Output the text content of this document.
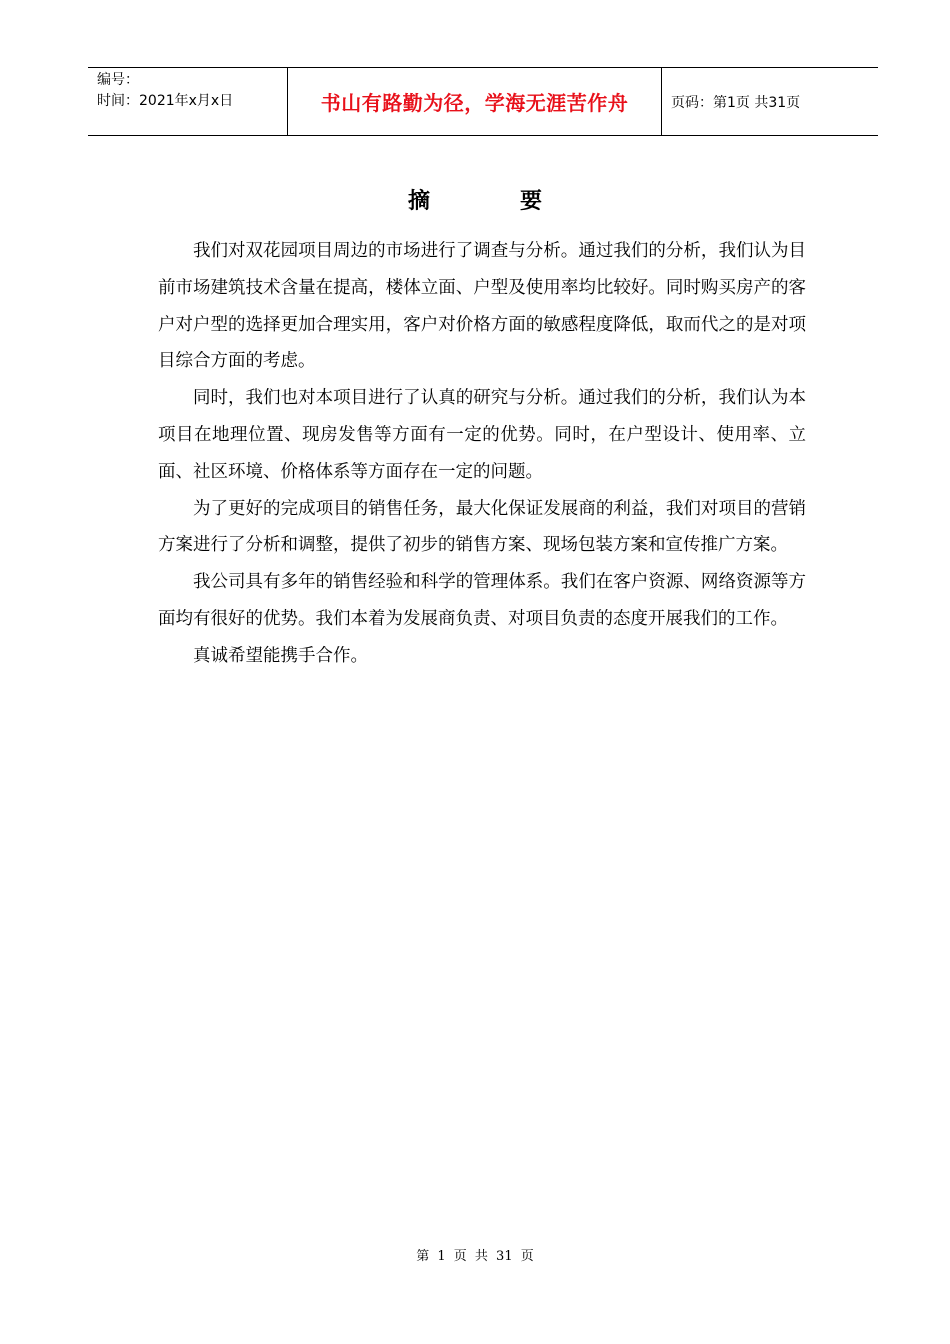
编号：
时间：2021年x月x日	书山有路勤为径，学海无涯苦作舟	页码：第1页 共31页
摘	要

我们对双花园项目周边的市场进行了调查与分析。通过我们的分析，我们认为目前市场建筑技术含量在提高，楼体立面、户型及使用率均比较好。同时购买房产的客户对户型的选择更加合理实用，客户对价格方面的敏感程度降低，取而代之的是对项目综合方面的考虑。

同时，我们也对本项目进行了认真的研究与分析。通过我们的分析，我们认为本项目在地理位置、现房发售等方面有一定的优势。同时，在户型设计、使用率、立面、社区环境、价格体系等方面存在一定的问题。

为了更好的完成项目的销售任务，最大化保证发展商的利益，我们对项目的营销方案进行了分析和调整，提供了初步的销售方案、现场包装方案和宣传推广方案。

我公司具有多年的销售经验和科学的管理体系。我们在客户资源、网络资源等方面均有很好的优势。我们本着为发展商负责、对项目负责的态度开展我们的工作。

真诚希望能携手合作。

第 1 页 共 31 页
